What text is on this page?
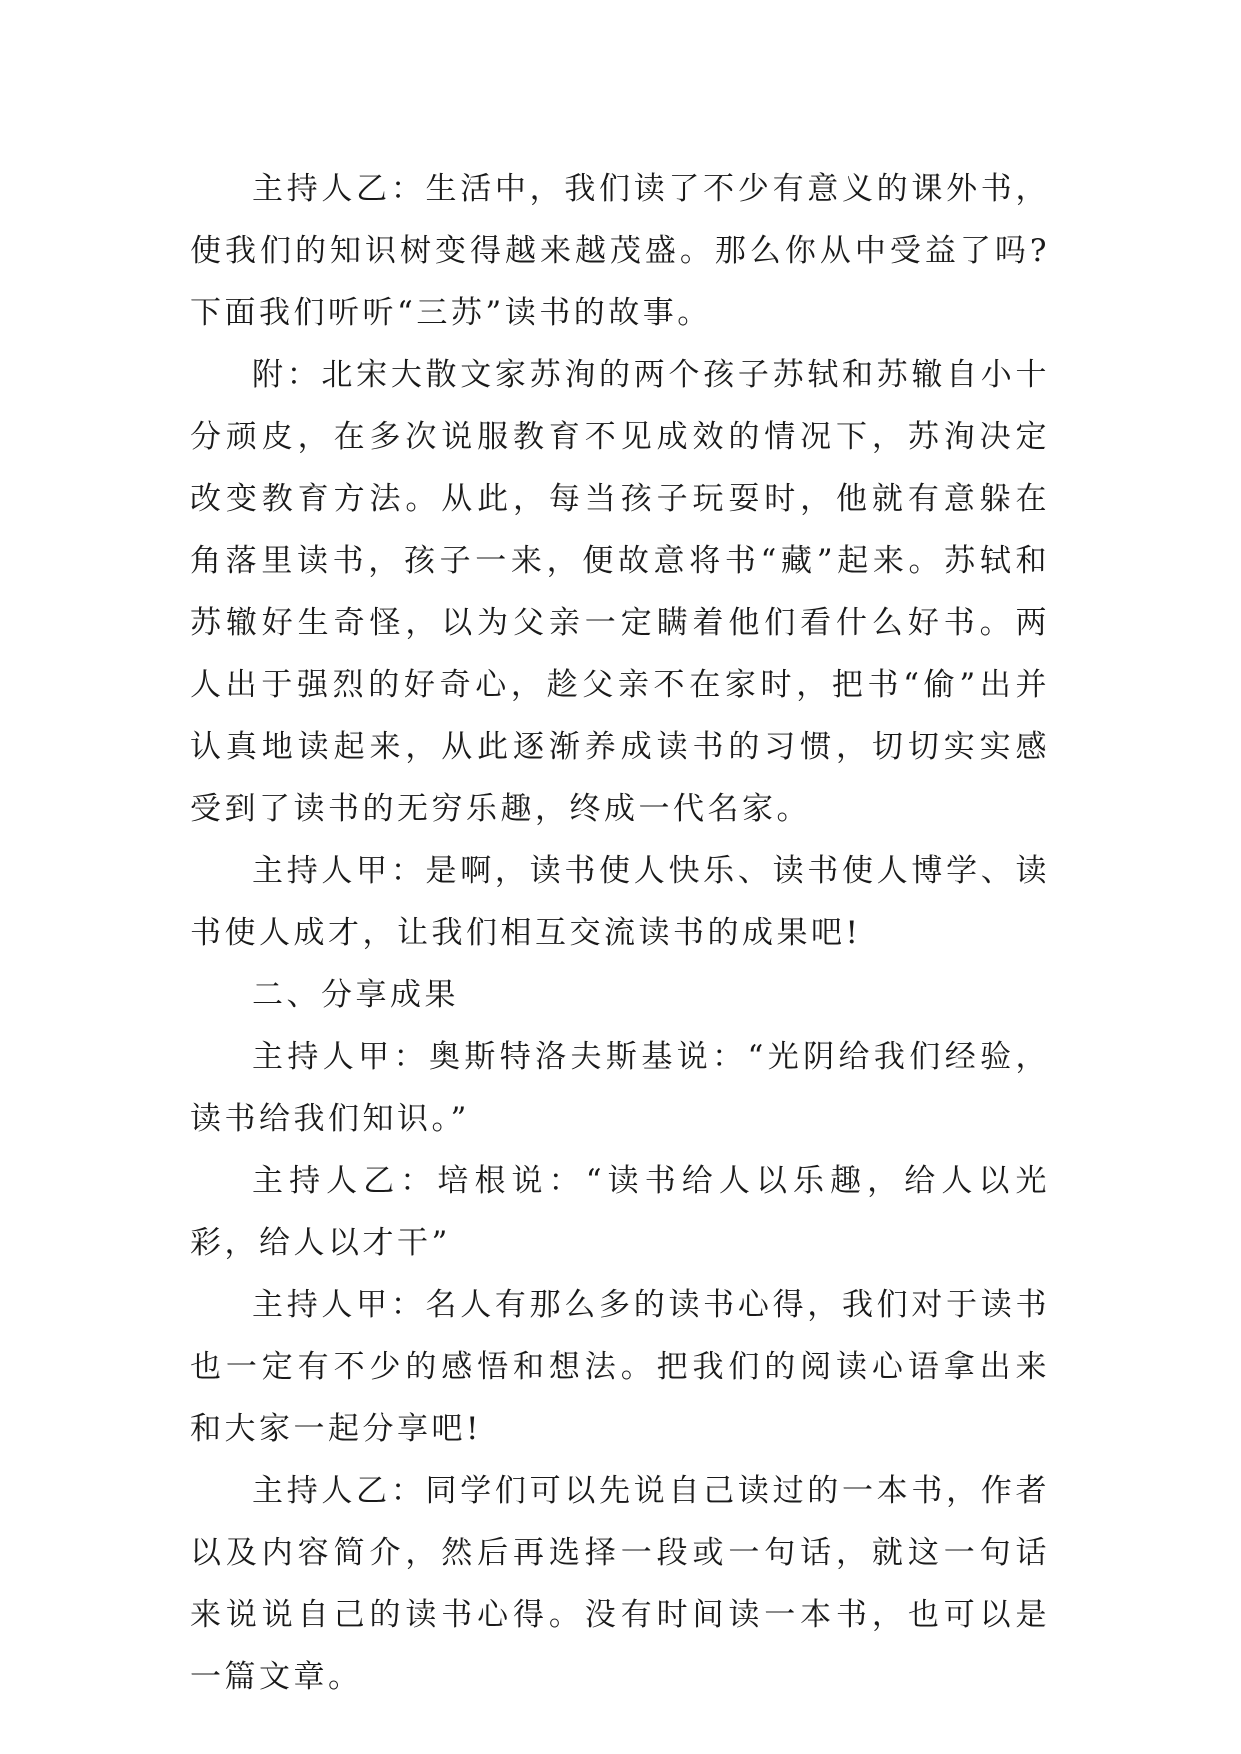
主持人乙：生活中，我们读了不少有意义的课外书，使我们的知识树变得越来越茂盛。那么你从中受益了吗?下面我们听听“三苏”读书的故事。

附：北宋大散文家苏洵的两个孩子苏轼和苏辙自小十分顽皮，在多次说服教育不见成效的情况下，苏洵决定改变教育方法。从此，每当孩子玩耍时，他就有意躲在角落里读书，孩子一来，便故意将书“藏”起来。苏轼和苏辙好生奇怪，以为父亲一定瞒着他们看什么好书。两人出于强烈的好奇心，趁父亲不在家时，把书“偷”出并认真地读起来，从此逐渐养成读书的习惯，切切实实感受到了读书的无穷乐趣，终成一代名家。

主持人甲：是啊，读书使人快乐、读书使人博学、读书使人成才，让我们相互交流读书的成果吧!

二、分享成果

主持人甲：奥斯特洛夫斯基说：“光阴给我们经验，读书给我们知识。”

主持人乙：培根说：“读书给人以乐趣，给人以光彩，给人以才干”

主持人甲：名人有那么多的读书心得，我们对于读书也一定有不少的感悟和想法。把我们的阅读心语拿出来和大家一起分享吧!

主持人乙：同学们可以先说自己读过的一本书，作者以及内容简介，然后再选择一段或一句话，就这一句话来说说自己的读书心得。没有时间读一本书，也可以是一篇文章。
